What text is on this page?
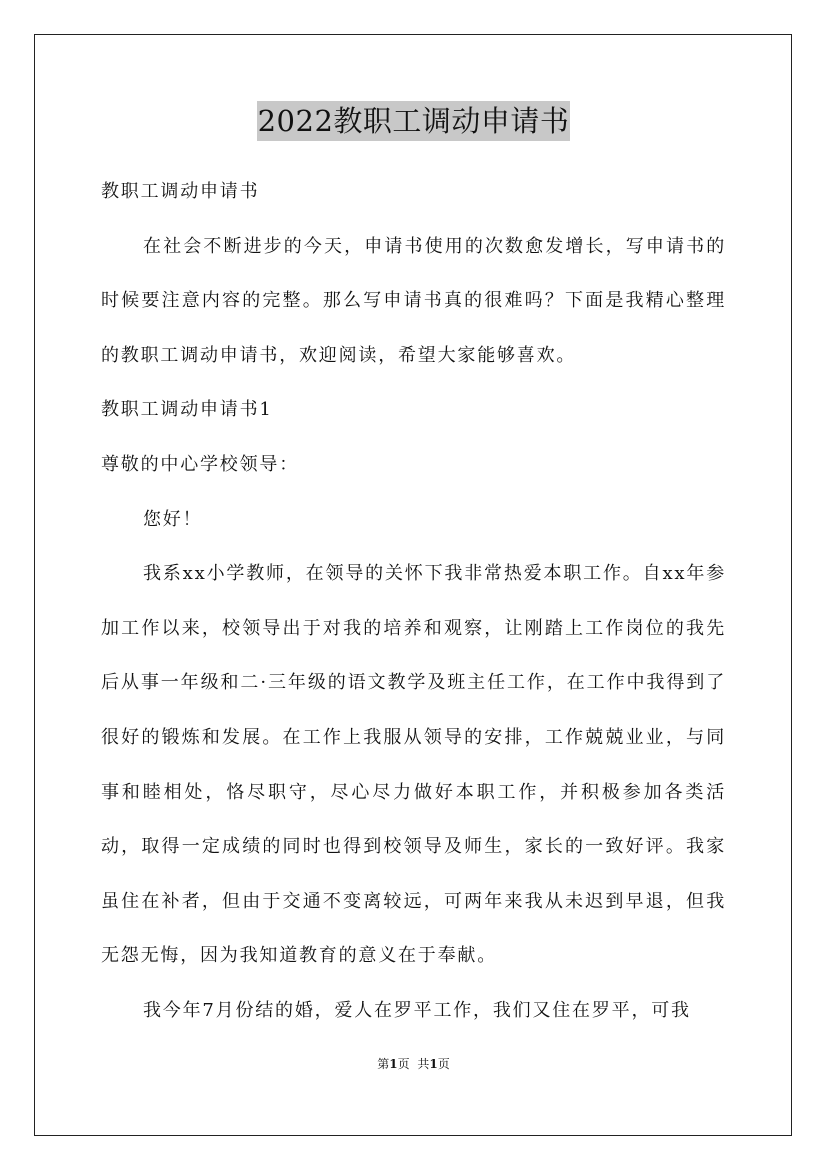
2022教职工调动申请书

教职工调动申请书

在社会不断进步的今天，申请书使用的次数愈发增长，写申请书的时候要注意内容的完整。那么写申请书真的很难吗？下面是我精心整理的教职工调动申请书，欢迎阅读，希望大家能够喜欢。

教职工调动申请书1

尊敬的中心学校领导：

您好！

我系xx小学教师，在领导的关怀下我非常热爱本职工作。自xx年参加工作以来，校领导出于对我的培养和观察，让刚踏上工作岗位的我先后从事一年级和二·三年级的语文教学及班主任工作，在工作中我得到了很好的锻炼和发展。在工作上我服从领导的安排，工作兢兢业业，与同事和睦相处，恪尽职守，尽心尽力做好本职工作，并积极参加各类活动，取得一定成绩的同时也得到校领导及师生，家长的一致好评。我家虽住在补者，但由于交通不变离较远，可两年来我从未迟到早退，但我无怨无悔，因为我知道教育的意义在于奉献。

我今年7月份结的婚，爱人在罗平工作，我们又住在罗平，可我

第1页 共1页
